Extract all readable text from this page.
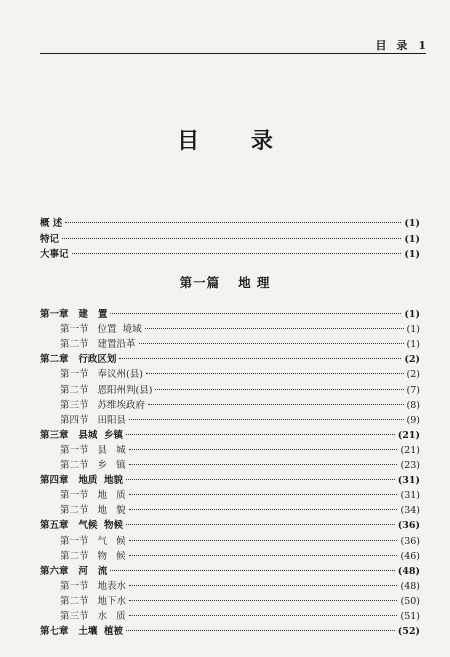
目 录 1
目 录
概 述	(1)
特记	(1)
大事记	(1)
第一篇 地 理
第一章   建   置	(1)
第一节   位置  境域	(1)
第二节   建置沿革	(1)
第二章   行政区划	(2)
第一节   奉议州(县)	(2)
第二节   恩阳州判(县)	(7)
第三节   苏维埃政府	(8)
第四节   田阳县	(9)
第三章   县城  乡镇	(21)
第一节   县   城	(21)
第二节   乡   镇	(23)
第四章   地质  地貌	(31)
第一节   地   质	(31)
第二节   地   貌	(34)
第五章   气候  物候	(36)
第一节   气   候	(36)
第二节   物   候	(46)
第六章   河   流	(48)
第一节   地表水	(48)
第二节   地下水	(50)
第三节   水   质	(51)
第七章   土壤  植被	(52)
